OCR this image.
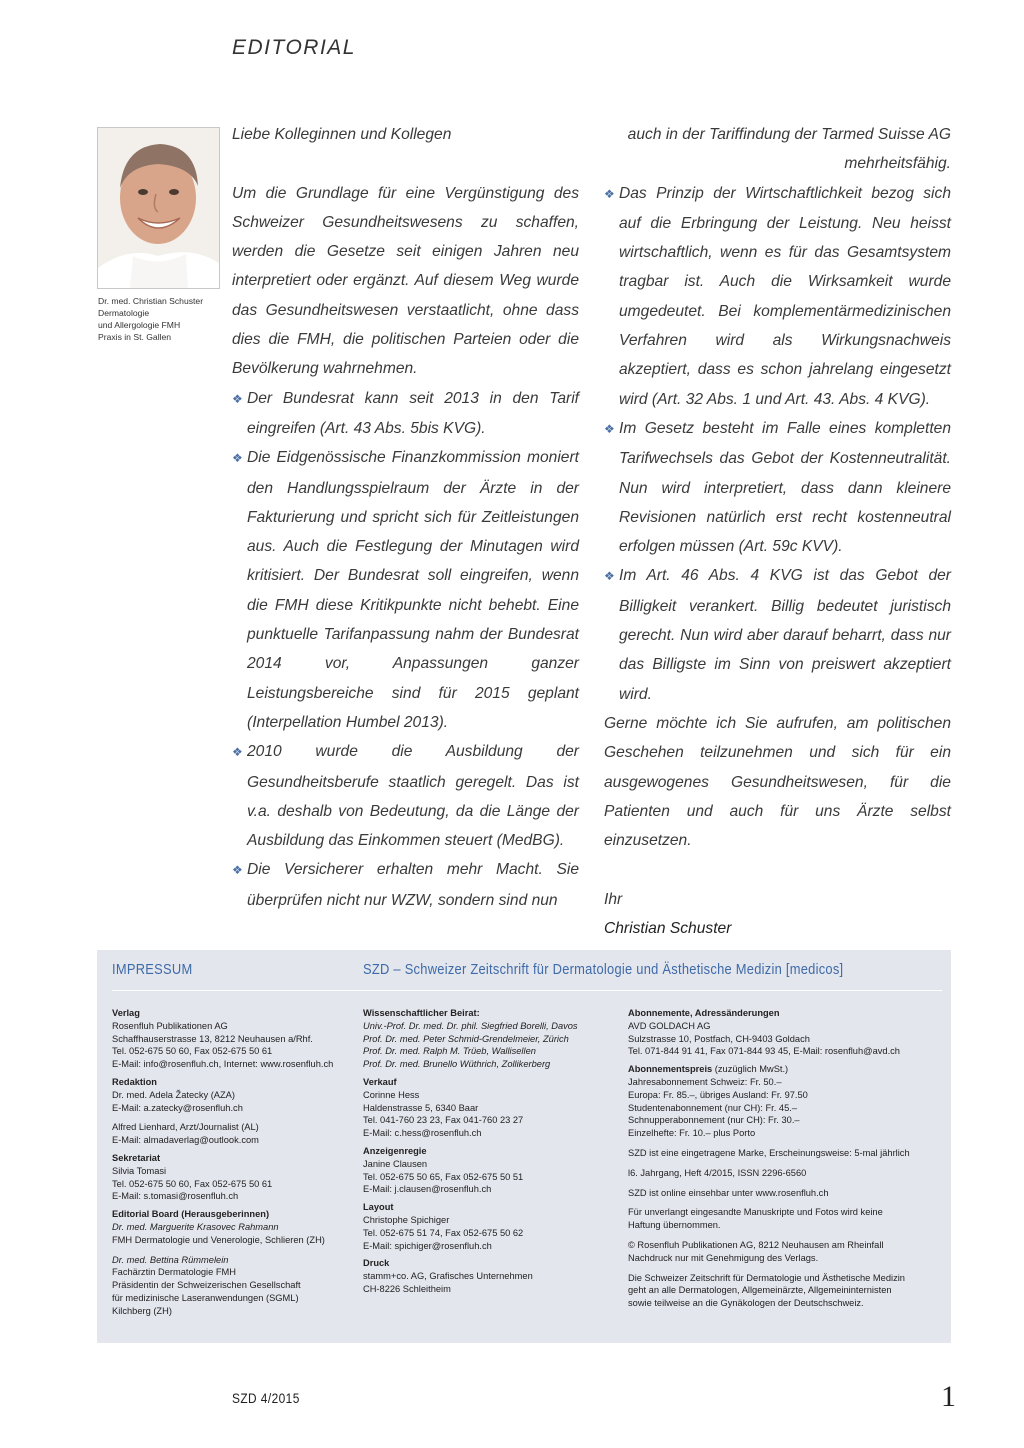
EDITORIAL
Dr. med. Christian Schuster
Dermatologie
und Allergologie FMH
Praxis in St. Gallen

Liebe Kolleginnen und Kollegen

Um die Grundlage für eine Vergünstigung des Schweizer Gesundheitswesens zu schaffen, werden die Gesetze seit einigen Jahren neu interpretiert oder ergänzt. Auf diesem Weg wurde das Gesundheitswesen verstaatlicht, ohne dass dies die FMH, die politischen Parteien oder die Bevölkerung wahrnehmen.

❖ Der Bundesrat kann seit 2013 in den Tarif eingreifen (Art. 43 Abs. 5bis KVG).

❖ Die Eidgenössische Finanzkommission moniert den Handlungsspielraum der Ärzte in der Fakturierung und spricht sich für Zeitleistungen aus. Auch die Festlegung der Minutagen wird kritisiert. Der Bundesrat soll eingreifen, wenn die FMH diese Kritikpunkte nicht behebt. Eine punktuelle Tarifanpassung nahm der Bundesrat 2014 vor, Anpassungen ganzer Leistungsbereiche sind für 2015 geplant (Interpellation Humbel 2013).

❖ 2010 wurde die Ausbildung der Gesundheitsberufe staatlich geregelt. Das ist v.a. deshalb von Bedeutung, da die Länge der Ausbildung das Einkommen steuert (MedBG).

❖ Die Versicherer erhalten mehr Macht. Sie überprüfen nicht nur WZW, sondern sind nun

auch in der Tariffindung der Tarmed Suisse AG mehrheitsfähig.

❖ Das Prinzip der Wirtschaftlichkeit bezog sich auf die Erbringung der Leistung. Neu heisst wirtschaftlich, wenn es für das Gesamtsystem tragbar ist. Auch die Wirksamkeit wurde umgedeutet. Bei komplementärmedizinischen Verfahren wird als Wirkungsnachweis akzeptiert, dass es schon jahrelang eingesetzt wird (Art. 32 Abs. 1 und Art. 43. Abs. 4 KVG).

❖ Im Gesetz besteht im Falle eines kompletten Tarifwechsels das Gebot der Kostenneutralität. Nun wird interpretiert, dass dann kleinere Revisionen natürlich erst recht kostenneutral erfolgen müssen (Art. 59c KVV).

❖ Im Art. 46 Abs. 4 KVG ist das Gebot der Billigkeit verankert. Billig bedeutet juristisch gerecht. Nun wird aber darauf beharrt, dass nur das Billigste im Sinn von preiswert akzeptiert wird.

Gerne möchte ich Sie aufrufen, am politischen Geschehen teilzunehmen und sich für ein ausgewogenes Gesundheitswesen, für die Patienten und auch für uns Ärzte selbst einzusetzen.

Ihr

Christian Schuster

IMPRESSUM	SZD – Schweizer Zeitschrift für Dermatologie und Ästhetische Medizin [medicos]
Verlag
Rosenfluh Publikationen AG
Schaffhauserstrasse 13, 8212 Neuhausen a/Rhf.
Tel. 052-675 50 60, Fax 052-675 50 61
E-Mail: info@rosenfluh.ch, Internet: www.rosenfluh.ch
Redaktion
Dr. med. Adela Žatecky (AZA)
E-Mail: a.zatecky@rosenfluh.ch
Alfred Lienhard, Arzt/Journalist (AL)
E-Mail: almadaverlag@outlook.com
Sekretariat
Silvia Tomasi
Tel. 052-675 50 60, Fax 052-675 50 61
E-Mail: s.tomasi@rosenfluh.ch
Editorial Board (Herausgeberinnen)
Dr. med. Marguerite Krasovec Rahmann
FMH Dermatologie und Venerologie, Schlieren (ZH)
Dr. med. Bettina Rümmelein
Fachärztin Dermatologie FMH
Präsidentin der Schweizerischen Gesellschaft
für medizinische Laseranwendungen (SGML)
Kilchberg (ZH)
Wissenschaftlicher Beirat:
Univ.-Prof. Dr. med. Dr. phil. Siegfried Borelli, Davos
Prof. Dr. med. Peter Schmid-Grendelmeier, Zürich
Prof. Dr. med. Ralph M. Trüeb, Wallisellen
Prof. Dr. med. Brunello Wüthrich, Zollikerberg
Verkauf
Corinne Hess
Haldenstrasse 5, 6340 Baar
Tel. 041-760 23 23, Fax 041-760 23 27
E-Mail: c.hess@rosenfluh.ch
Anzeigenregie
Janine Clausen
Tel. 052-675 50 65, Fax 052-675 50 51
E-Mail: j.clausen@rosenfluh.ch
Layout
Christophe Spichiger
Tel. 052-675 51 74, Fax 052-675 50 62
E-Mail: spichiger@rosenfluh.ch
Druck
stamm+co. AG, Grafisches Unternehmen
CH-8226 Schleitheim
Abonnemente, Adressänderungen
AVD GOLDACH AG
Sulzstrasse 10, Postfach, CH-9403 Goldach
Tel. 071-844 91 41, Fax 071-844 93 45, E-Mail: rosenfluh@avd.ch
Abonnementspreis (zuzüglich MwSt.)
Jahresabonnement Schweiz: Fr. 50.–
Europa: Fr. 85.–, übriges Ausland: Fr. 97.50
Studentenabonnement (nur CH): Fr. 45.–
Schnupperabonnement (nur CH): Fr. 30.–
Einzelhefte: Fr. 10.– plus Porto
SZD ist eine eingetragene Marke, Erscheinungsweise: 5-mal jährlich
l6. Jahrgang, Heft 4/2015, ISSN 2296-6560
SZD ist online einsehbar unter www.rosenfluh.ch
Für unverlangt eingesandte Manuskripte und Fotos wird keine
Haftung übernommen.
© Rosenfluh Publikationen AG, 8212 Neuhausen am Rheinfall
Nachdruck nur mit Genehmigung des Verlags.
Die Schweizer Zeitschrift für Dermatologie und Ästhetische Medizin
geht an alle Dermatologen, Allgemeinärzte, Allgemeininternisten
sowie teilweise an die Gynäkologen der Deutschschweiz.
SZD 4/2015	1
